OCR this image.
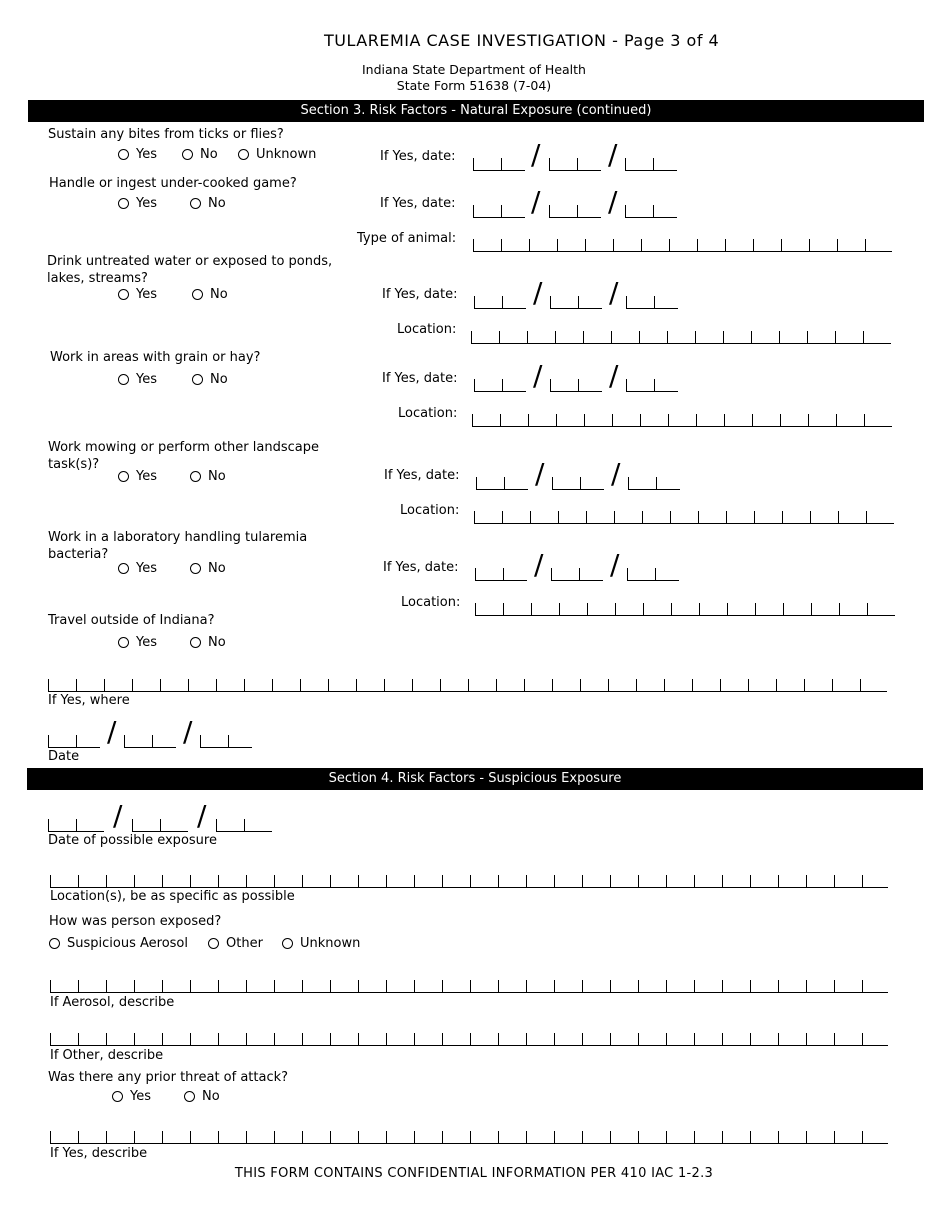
TULAREMIA CASE INVESTIGATION - Page 3 of 4
Indiana State Department of Health
State Form 51638 (7-04)
Section 3. Risk Factors - Natural Exposure (continued)
Sustain any bites from ticks or flies?
Yes	No	Unknown	If Yes, date:	/ /
Handle or ingest under-cooked game?
Yes	No	If Yes, date:	/ /
Type of animal:
Drink untreated water or exposed to ponds, lakes, streams?
Yes	No	If Yes, date:	/ /
Location:
Work in areas with grain or hay?
Yes	No	If Yes, date:	/ /
Location:
Work mowing or perform other landscape task(s)?
Yes	No	If Yes, date:	/ /
Location:
Work in a laboratory handling tularemia bacteria?
Yes	No	If Yes, date:	/ /
Location:
Travel outside of Indiana?
Yes	No
If Yes, where
/ /
Date
Section 4. Risk Factors - Suspicious Exposure
/	/
Date of possible exposure
Location(s), be as specific as possible
How was person exposed?
Suspicious Aerosol	Other	Unknown
If Aerosol, describe
If Other, describe
Was there any prior threat of attack?
Yes	No
If Yes, describe
THIS FORM CONTAINS CONFIDENTIAL INFORMATION PER 410 IAC 1-2.3
